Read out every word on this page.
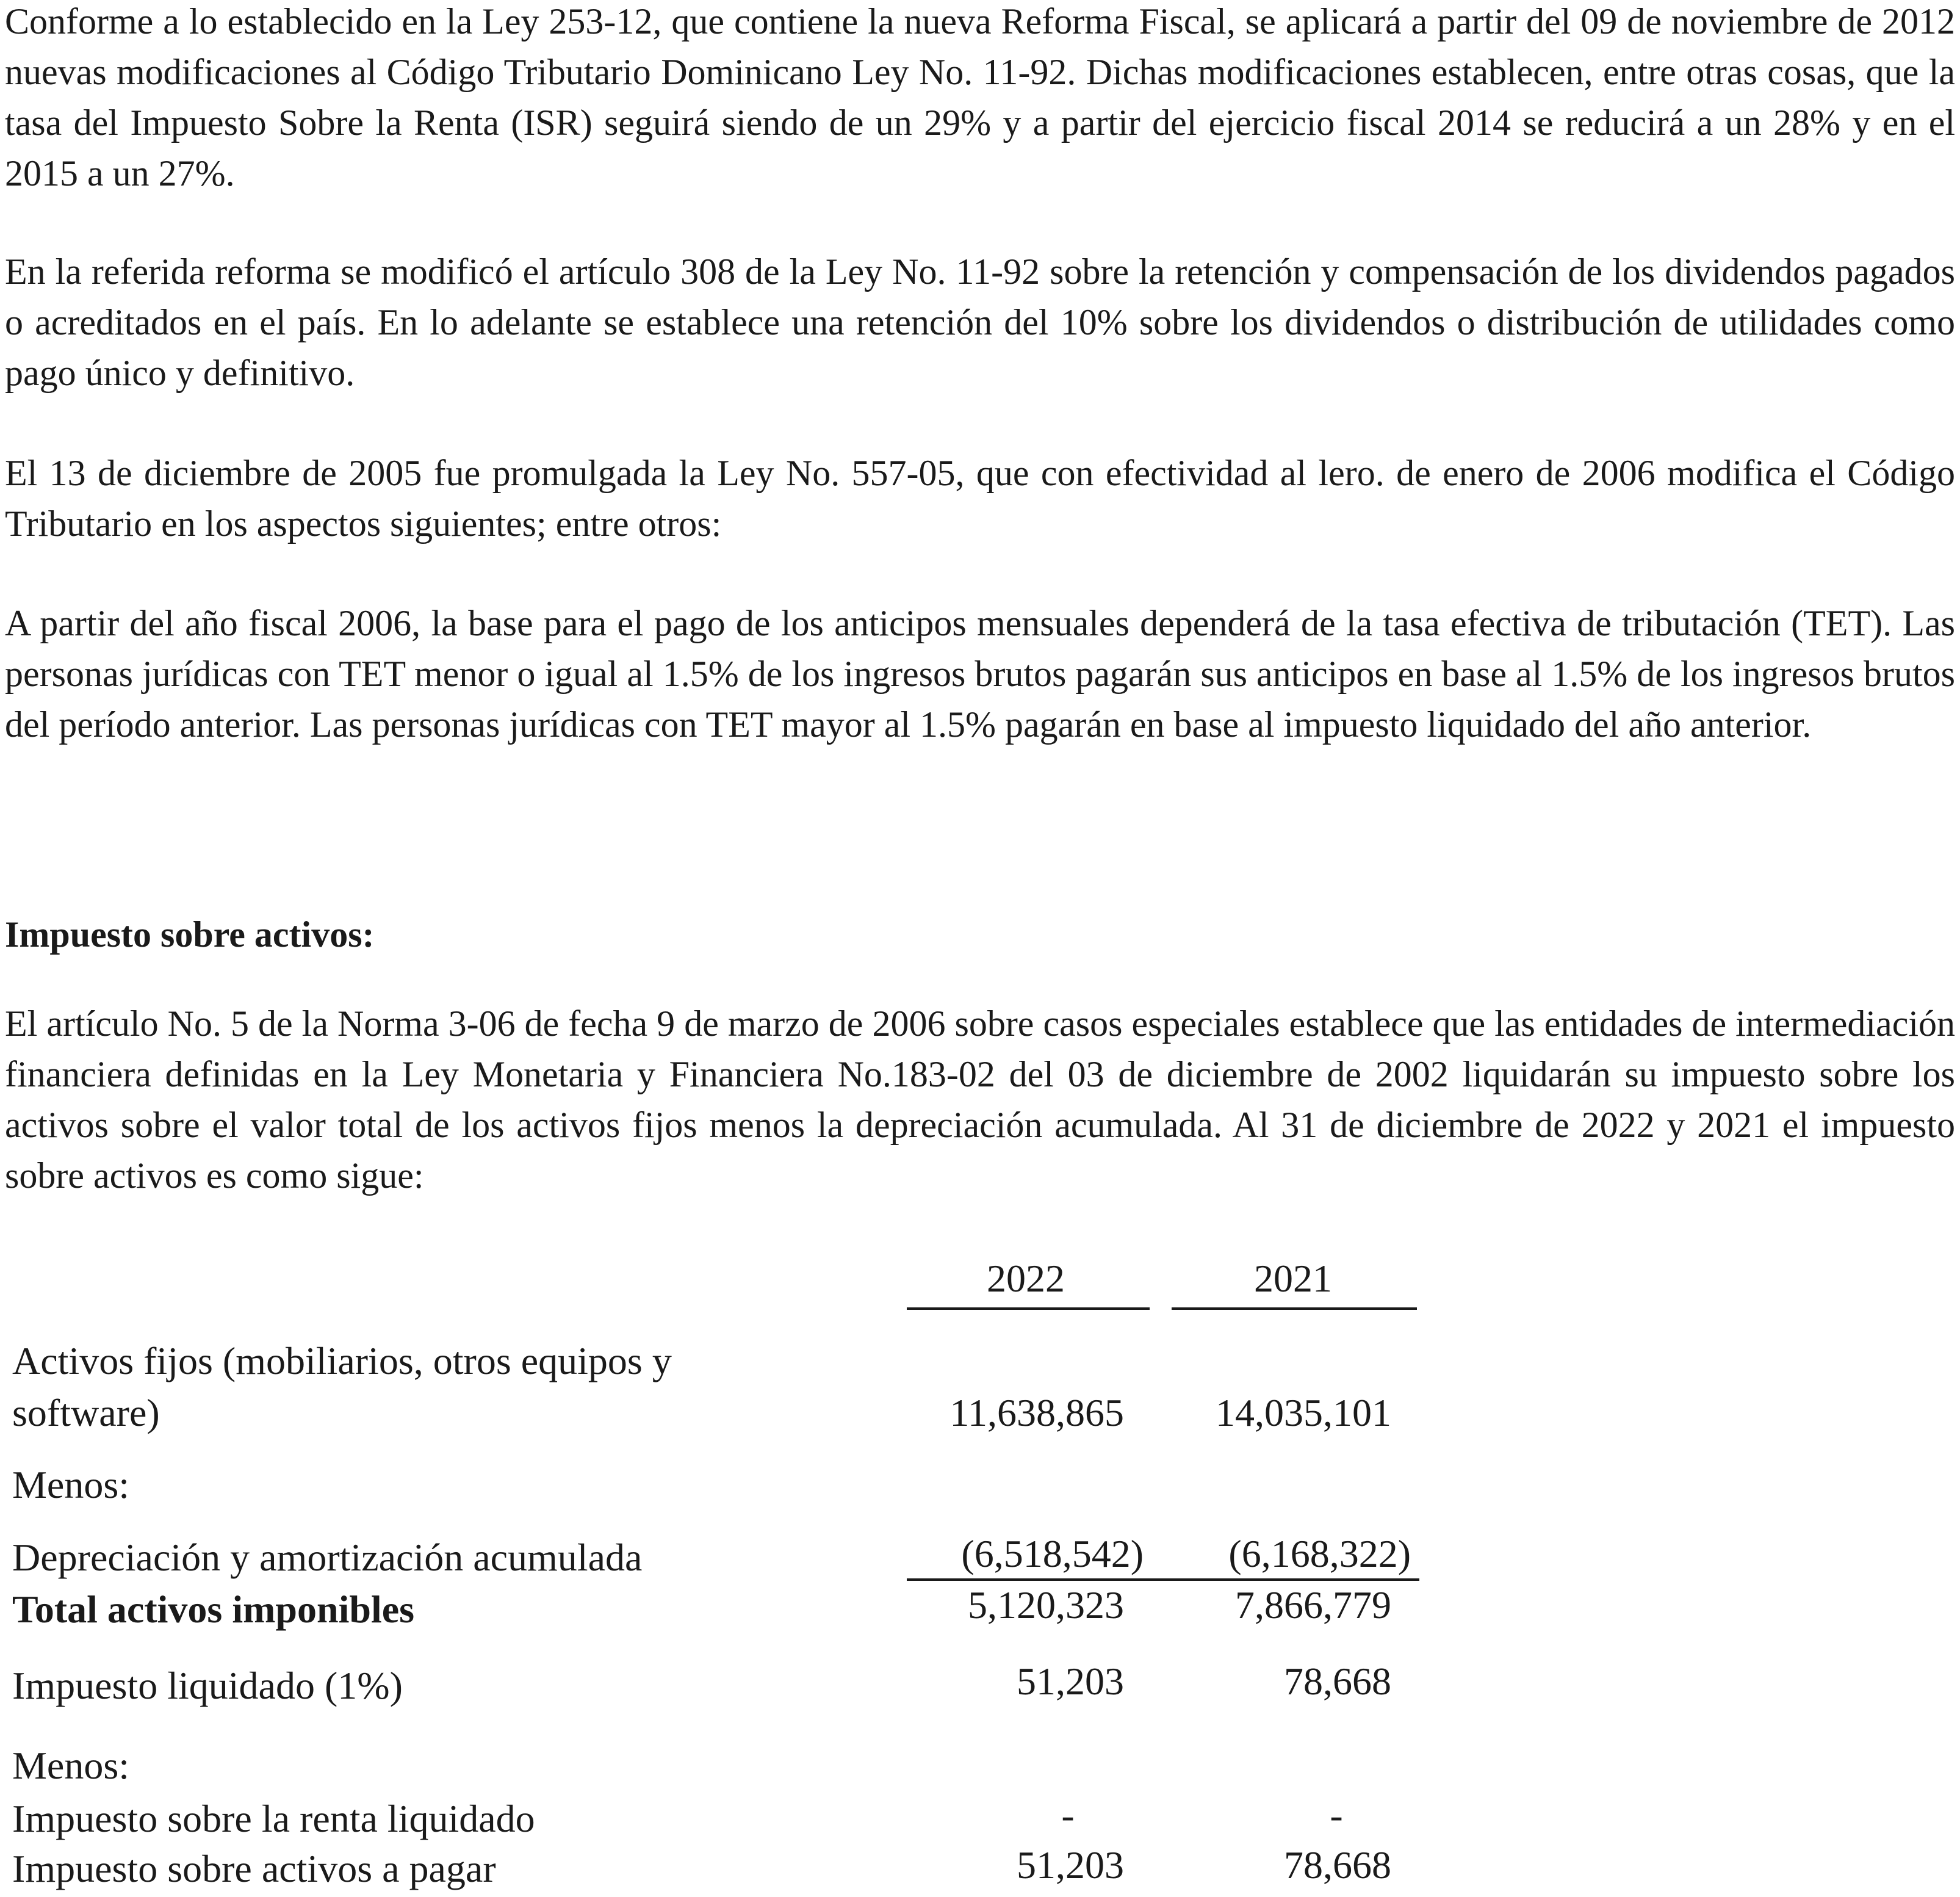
Conforme a lo establecido en la Ley 253-12, que contiene la nueva Reforma Fiscal, se aplicará a partir del 09 de noviembre de 2012 nuevas modificaciones al Código Tributario Dominicano Ley No. 11-92. Dichas modificaciones establecen, entre otras cosas, que la tasa del Impuesto Sobre la Renta (ISR) seguirá siendo de un 29% y a partir del ejercicio fiscal 2014 se reducirá a un 28% y en el 2015 a un 27%.

En la referida reforma se modificó el artículo 308 de la Ley No. 11-92 sobre la retención y compensación de los dividendos pagados o acreditados en el país. En lo adelante se establece una retención del 10% sobre los dividendos o distribución de utilidades como pago único y definitivo.

El 13 de diciembre de 2005 fue promulgada la Ley No. 557-05, que con efectividad al lero. de enero de 2006 modifica el Código Tributario en los aspectos siguientes; entre otros:

A partir del año fiscal 2006, la base para el pago de los anticipos mensuales dependerá de la tasa efectiva de tributación (TET). Las personas jurídicas con TET menor o igual al 1.5% de los ingresos brutos pagarán sus anticipos en base al 1.5% de los ingresos brutos del período anterior. Las personas jurídicas con TET mayor al 1.5% pagarán en base al impuesto liquidado del año anterior.

Impuesto sobre activos:

El artículo No. 5 de la Norma 3-06 de fecha 9 de marzo de 2006 sobre casos especiales establece que las entidades de intermediación financiera definidas en la Ley Monetaria y Financiera No.183-02 del 03 de diciembre de 2002 liquidarán su impuesto sobre los activos sobre el valor total de los activos fijos menos la depreciación acumulada. Al 31 de diciembre de 2022 y 2021 el impuesto sobre activos es como sigue:

2022	2021
Activos fijos (mobiliarios, otros equipos y
software)	11,638,865	14,035,101
Menos:
Depreciación y amortización acumulada	(6,518,542)	(6,168,322)
Total activos imponibles	5,120,323	7,866,779
Impuesto liquidado (1%)	51,203	78,668
Menos:
Impuesto sobre la renta liquidado	-	-
Impuesto sobre activos a pagar	51,203	78,668
